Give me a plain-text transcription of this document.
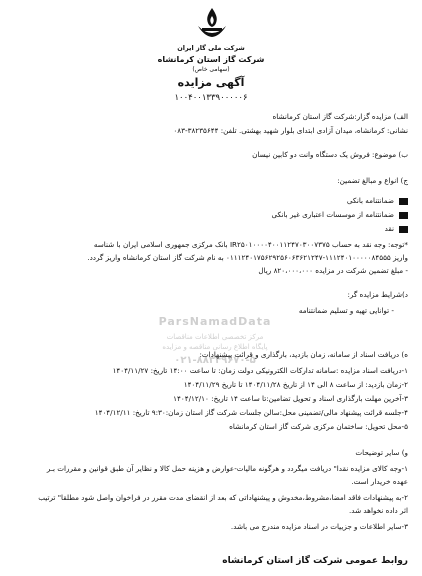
شرکت ملی گاز ایران
شرکت گاز استان کرمانشاه
(سهامی خاص)
آگهی مزایده
۱۰۰۴۰۰۱۳۳۹۰۰۰۰۰۶
الف) مزایده گزار:شرکت گاز استان کرمانشاه
نشانی: کرمانشاه، میدان آزادی ابتدای بلوار شهید بهشتی. تلفن: ۳۸۲۳۵۶۴۴-۰۸۳
ب) موضوع: فروش یک دستگاه وانت دو کابین نیسان
ج) انواع و مبالغ تضمین:
ضمانتنامه بانکی
ضمانتنامه از موسسات اعتباری غیر بانکی
نقد
*توجه: وجه نقد به حساب IR۲۵۰۱۰۰۰۰۴۰۰۱۱۲۴۷۰۳۰۰۷۳۷۵ بانک مرکزی جمهوری اسلامی ایران با شناسه
واریز ۱۱۱۲۴۰۱۰۰۰۰۰۸۴۵۵۵-۰۱۱۱۲۴۰۱۷۵۶۲۹۲۵۶۰۶۳۶۲۱۲۴۷ به نام شرکت گاز استان کرمانشاه واریز گردد.
- مبلغ تضمین شرکت در مزایده ۸۲۰،۰۰۰،۰۰۰ ریال
د)شرایط مزایده گر:
- توانایی تهیه و تسلیم ضمانتنامه
ParsNamadData
مرکز تخصصی اطلاعات مناقصات
پایگاه اطلاع رسانی مناقصه و مزایده
۰۲۱-۸۸۳۴۹۶۷۰-۵
ه) دریافت اسناد از سامانه، زمان بازدید، بارگذاری و قرائت پیشنهادات:
۱-دریافت اسناد مزایده :سامانه تدارکات الکترونیکی دولت زمان: تا ساعت ۱۴:۰۰ تاریخ: ۱۴۰۴/۱۱/۲۷
۲-زمان بازدید: از ساعت ۸ الی ۱۴ از تاریخ ۱۴۰۴/۱۱/۲۸ تا تاریخ ۱۴۰۴/۱۱/۲۹
۳-آخرین مهلت بارگذاری اسناد و تحویل تضامین:تا ساعت ۱۴ تاریخ: ۱۴۰۴/۱۲/۱۰
۴-جلسه قرائت پیشنهاد مالی/تضمینی محل:سالن جلسات شرکت گاز استان زمان:۹:۳۰ تاریخ: ۱۴۰۴/۱۲/۱۱
۵-محل تحویل: ساختمان مرکزی شرکت گاز استان کرمانشاه
و) سایر توضیحات
۱-وجه کالای مزایده نقدا" دریافت میگردد و هرگونه مالیات-عوارض و هزینه حمل کالا و نظایر آن طبق قوانین و مقررات بـر
عهده خریدار است.
۲-به پیشنهادات فاقد امضا،مشروط،مخدوش و پیشنهاداتی که بعد از انقضای مدت مقرر در فراخوان واصل شود مطلقا" ترتیب
اثر داده نخواهد شد.
۳-سایر اطلاعات و جزییات در اسناد مزایده مندرج می باشد.
روابط عمومی شرکت گاز استان کرمانشاه
